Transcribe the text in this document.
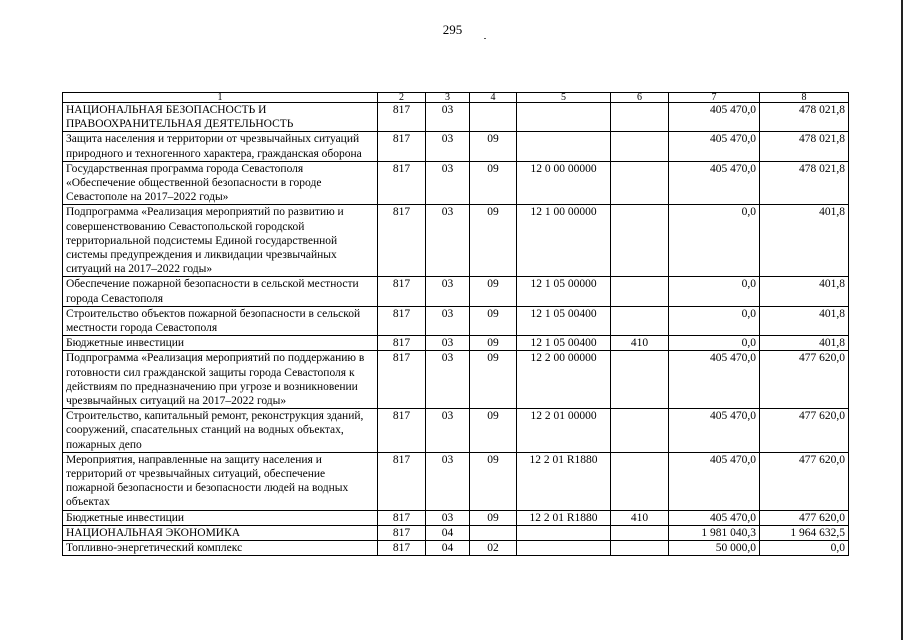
295
1	2	3	4	5	6	7	8
НАЦИОНАЛЬНАЯ БЕЗОПАСНОСТЬ И ПРАВООХРАНИТЕЛЬНАЯ ДЕЯТЕЛЬНОСТЬ	817	03				405 470,0	478 021,8
Защита населения и территории от чрезвычайных ситуаций природного и техногенного характера, гражданская оборона	817	03	09			405 470,0	478 021,8
Государственная программа города Севастополя «Обеспечение общественной безопасности в городе Севастополе на 2017–2022 годы»	817	03	09	12 0 00 00000		405 470,0	478 021,8
Подпрограмма «Реализация мероприятий по развитию и совершенствованию Севастопольской городской территориальной подсистемы Единой государственной системы предупреждения и ликвидации чрезвычайных ситуаций на 2017–2022 годы»	817	03	09	12 1 00 00000		0,0	401,8
Обеспечение пожарной безопасности в сельской местности города Севастополя	817	03	09	12 1 05 00000		0,0	401,8
Строительство объектов пожарной безопасности в сельской местности города Севастополя	817	03	09	12 1 05 00400		0,0	401,8
Бюджетные инвестиции	817	03	09	12 1 05 00400	410	0,0	401,8
Подпрограмма «Реализация мероприятий по поддержанию в готовности сил гражданской защиты города Севастополя к действиям по предназначению при угрозе и возникновении чрезвычайных ситуаций на 2017–2022 годы»	817	03	09	12 2 00 00000		405 470,0	477 620,0
Строительство, капитальный ремонт, реконструкция зданий, сооружений, спасательных станций на водных объектах, пожарных депо	817	03	09	12 2 01 00000		405 470,0	477 620,0
Мероприятия, направленные на защиту населения и территорий от чрезвычайных ситуаций, обеспечение пожарной безопасности и безопасности людей на водных объектах	817	03	09	12 2 01 R1880		405 470,0	477 620,0
Бюджетные инвестиции	817	03	09	12 2 01 R1880	410	405 470,0	477 620,0
НАЦИОНАЛЬНАЯ ЭКОНОМИКА	817	04				1 981 040,3	1 964 632,5
Топливно-энергетический комплекс	817	04	02			50 000,0	0,0
